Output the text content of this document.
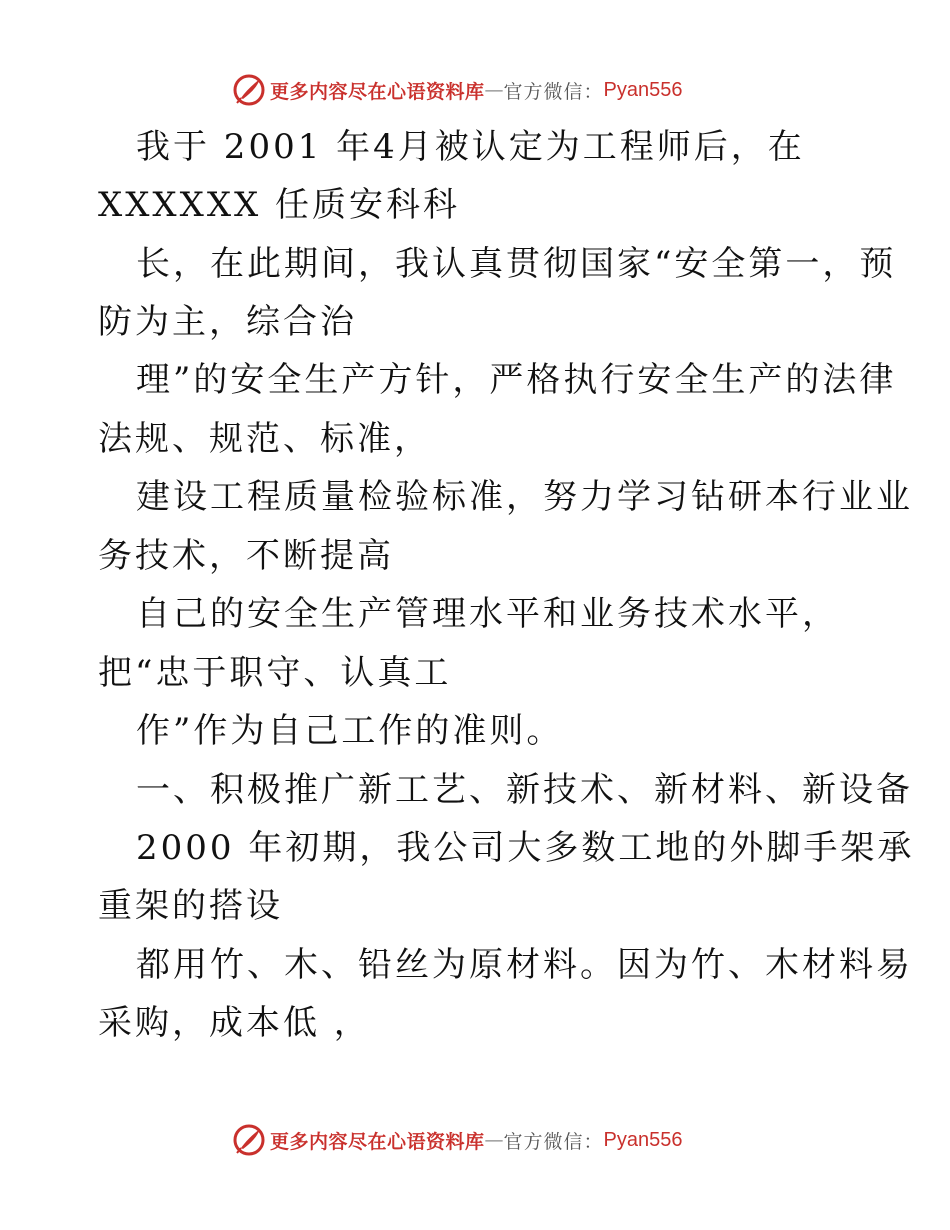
更多内容尽在心语资料库 — 官方微信： Pyan556
我于 2001 年4月被认定为工程师后，在
XXXXXX 任质安科科
长，在此期间，我认真贯彻国家“安全第一，预
防为主，综合治
理”的安全生产方针，严格执行安全生产的法律
法规、规范、标准，
建设工程质量检验标准，努力学习钻研本行业业
务技术，不断提高
自己的安全生产管理水平和业务技术水平，
把“忠于职守、认真工
作”作为自己工作的准则。
一、积极推广新工艺、新技术、新材料、新设备
2000 年初期，我公司大多数工地的外脚手架承
重架的搭设
都用竹、木、铅丝为原材料。因为竹、木材料易
采购，成本低 ，
更多内容尽在心语资料库 — 官方微信： Pyan556
